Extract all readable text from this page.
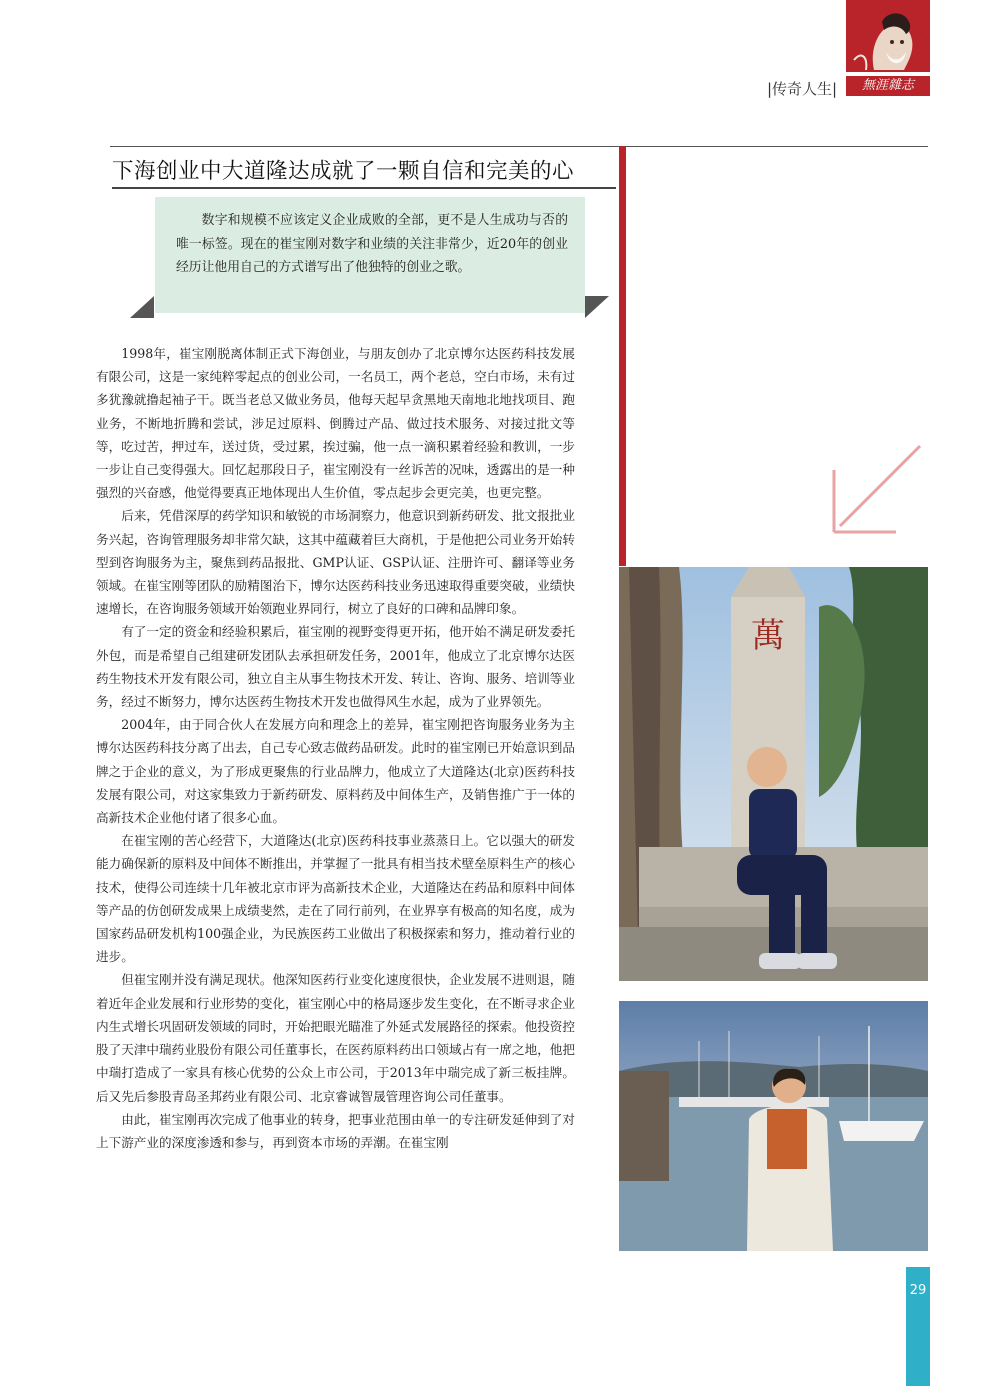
|传奇人生|	無涯雜志
下海创业中大道隆达成就了一颗自信和完美的心
数字和规模不应该定义企业成败的全部，更不是人生成功与否的唯一标签。现在的崔宝刚对数字和业绩的关注非常少，近20年的创业经历让他用自己的方式谱写出了他独特的创业之歌。

1998年，崔宝刚脱离体制正式下海创业，与朋友创办了北京博尔达医药科技发展有限公司，这是一家纯粹零起点的创业公司，一名员工，两个老总，空白市场，未有过多犹豫就撸起袖子干。既当老总又做业务员，他每天起早贪黑地天南地北地找项目、跑业务，不断地折腾和尝试，涉足过原料、倒腾过产品、做过技术服务、对接过批文等等，吃过苦，押过车，送过货，受过累，挨过骗，他一点一滴积累着经验和教训，一步一步让自己变得强大。回忆起那段日子，崔宝刚没有一丝诉苦的况味，透露出的是一种强烈的兴奋感，他觉得要真正地体现出人生价值，零点起步会更完美，也更完整。

后来，凭借深厚的药学知识和敏锐的市场洞察力，他意识到新药研发、批文报批业务兴起，咨询管理服务却非常欠缺，这其中蕴藏着巨大商机，于是他把公司业务开始转型到咨询服务为主，聚焦到药品报批、GMP认证、GSP认证、注册许可、翻译等业务领域。在崔宝刚等团队的励精图治下，博尔达医药科技业务迅速取得重要突破，业绩快速增长，在咨询服务领域开始领跑业界同行，树立了良好的口碑和品牌印象。

有了一定的资金和经验积累后，崔宝刚的视野变得更开拓，他开始不满足研发委托外包，而是希望自己组建研发团队去承担研发任务，2001年，他成立了北京博尔达医药生物技术开发有限公司，独立自主从事生物技术开发、转让、咨询、服务、培训等业务，经过不断努力，博尔达医药生物技术开发也做得风生水起，成为了业界领先。

2004年，由于同合伙人在发展方向和理念上的差异，崔宝刚把咨询服务业务为主博尔达医药科技分离了出去，自己专心致志做药品研发。此时的崔宝刚已开始意识到品牌之于企业的意义，为了形成更聚焦的行业品牌力，他成立了大道隆达(北京)医药科技发展有限公司，对这家集致力于新药研发、原料药及中间体生产，及销售推广于一体的高新技术企业他付诸了很多心血。

在崔宝刚的苦心经营下，大道隆达(北京)医药科技事业蒸蒸日上。它以强大的研发能力确保新的原料及中间体不断推出，并掌握了一批具有相当技术壁垒原料生产的核心技术，使得公司连续十几年被北京市评为高新技术企业，大道隆达在药品和原料中间体等产品的仿创研发成果上成绩斐然，走在了同行前列，在业界享有极高的知名度，成为国家药品研发机构100强企业，为民族医药工业做出了积极探索和努力，推动着行业的进步。

但崔宝刚并没有满足现状。他深知医药行业变化速度很快，企业发展不进则退，随着近年企业发展和行业形势的变化，崔宝刚心中的格局逐步发生变化，在不断寻求企业内生式增长巩固研发领域的同时，开始把眼光瞄准了外延式发展路径的探索。他投资控股了天津中瑞药业股份有限公司任董事长，在医药原料药出口领域占有一席之地，他把中瑞打造成了一家具有核心优势的公众上市公司，于2013年中瑞完成了新三板挂牌。后又先后参股青岛圣邦药业有限公司、北京睿诚智晟管理咨询公司任董事。

由此，崔宝刚再次完成了他事业的转身，把事业范围由单一的专注研发延伸到了对上下游产业的深度渗透和参与，再到资本市场的弄潮。在崔宝刚

萬
29
